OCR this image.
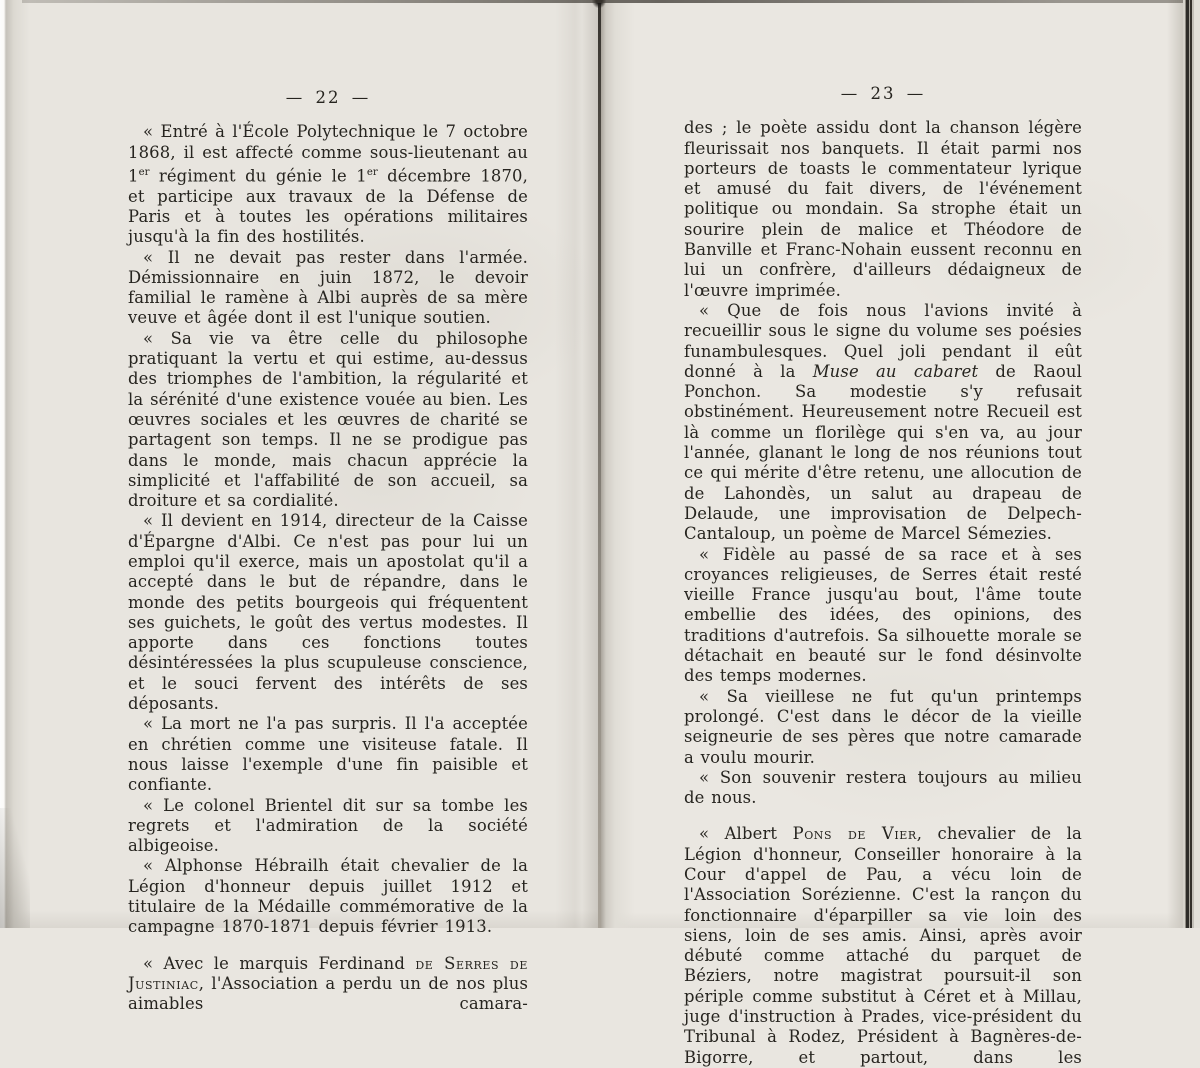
— 22 —

« Entré à l'École Polytechnique le 7 octobre 1868, il est affecté comme sous-lieutenant au 1er régiment du génie le 1er décembre 1870, et participe aux travaux de la Défense de Paris et à toutes les opérations militaires jusqu'à la fin des hostilités.

« Il ne devait pas rester dans l'armée. Démissionnaire en juin 1872, le devoir familial le ramène à Albi auprès de sa mère veuve et âgée dont il est l'unique soutien.

« Sa vie va être celle du philosophe pratiquant la vertu et qui estime, au-dessus des triomphes de l'ambition, la régularité et la sérénité d'une existence vouée au bien. Les œuvres sociales et les œuvres de charité se partagent son temps. Il ne se prodigue pas dans le monde, mais chacun apprécie la simplicité et l'affabilité de son accueil, sa droiture et sa cordialité.

« Il devient en 1914, directeur de la Caisse d'Épargne d'Albi. Ce n'est pas pour lui un emploi qu'il exerce, mais un apostolat qu'il a accepté dans le but de répandre, dans le monde des petits bourgeois qui fréquentent ses guichets, le goût des vertus modestes. Il apporte dans ces fonctions toutes désintéressées la plus scupuleuse conscience, et le souci fervent des intérêts de ses déposants.

« La mort ne l'a pas surpris. Il l'a acceptée en chrétien comme une visiteuse fatale. Il nous laisse l'exemple d'une fin paisible et confiante.

« Le colonel Brientel dit sur sa tombe les regrets et l'admiration de la société albigeoise.

« Alphonse Hébrailh était chevalier de la Légion d'honneur depuis juillet 1912 et titulaire de la Médaille commémorative de la campagne 1870-1871 depuis février 1913.

« Avec le marquis Ferdinand de Serres de Justiniac, l'Association a perdu un de nos plus aimables camara-

— 23 —

des ; le poète assidu dont la chanson légère fleurissait nos banquets. Il était parmi nos porteurs de toasts le commentateur lyrique et amusé du fait divers, de l'événement politique ou mondain. Sa strophe était un sourire plein de malice et Théodore de Banville et Franc-Nohain eussent reconnu en lui un confrère, d'ailleurs dédaigneux de l'œuvre imprimée.

« Que de fois nous l'avions invité à recueillir sous le signe du volume ses poésies funambulesques. Quel joli pendant il eût donné à la Muse au cabaret de Raoul Ponchon. Sa modestie s'y refusait obstinément. Heureusement notre Recueil est là comme un florilège qui s'en va, au jour l'année, glanant le long de nos réunions tout ce qui mérite d'être retenu, une allocution de de Lahondès, un salut au drapeau de Delaude, une improvisation de Delpech-Cantaloup, un poème de Marcel Sémezies.

« Fidèle au passé de sa race et à ses croyances religieuses, de Serres était resté vieille France jusqu'au bout, l'âme toute embellie des idées, des opinions, des traditions d'autrefois. Sa silhouette morale se détachait en beauté sur le fond désinvolte des temps modernes.

« Sa vieillese ne fut qu'un printemps prolongé. C'est dans le décor de la vieille seigneurie de ses pères que notre camarade a voulu mourir.

« Son souvenir restera toujours au milieu de nous.

« Albert Pons de Vier, chevalier de la Légion d'honneur, Conseiller honoraire à la Cour d'appel de Pau, a vécu loin de l'Association Sorézienne. C'est la rançon du fonctionnaire d'éparpiller sa vie loin des siens, loin de ses amis. Ainsi, après avoir débuté comme attaché du parquet de Béziers, notre magistrat poursuit-il son périple comme substitut à Céret et à Millau, juge d'instruction à Prades, vice-président du Tribunal à Rodez, Président à Bagnères-de-Bigorre, et partout, dans les
